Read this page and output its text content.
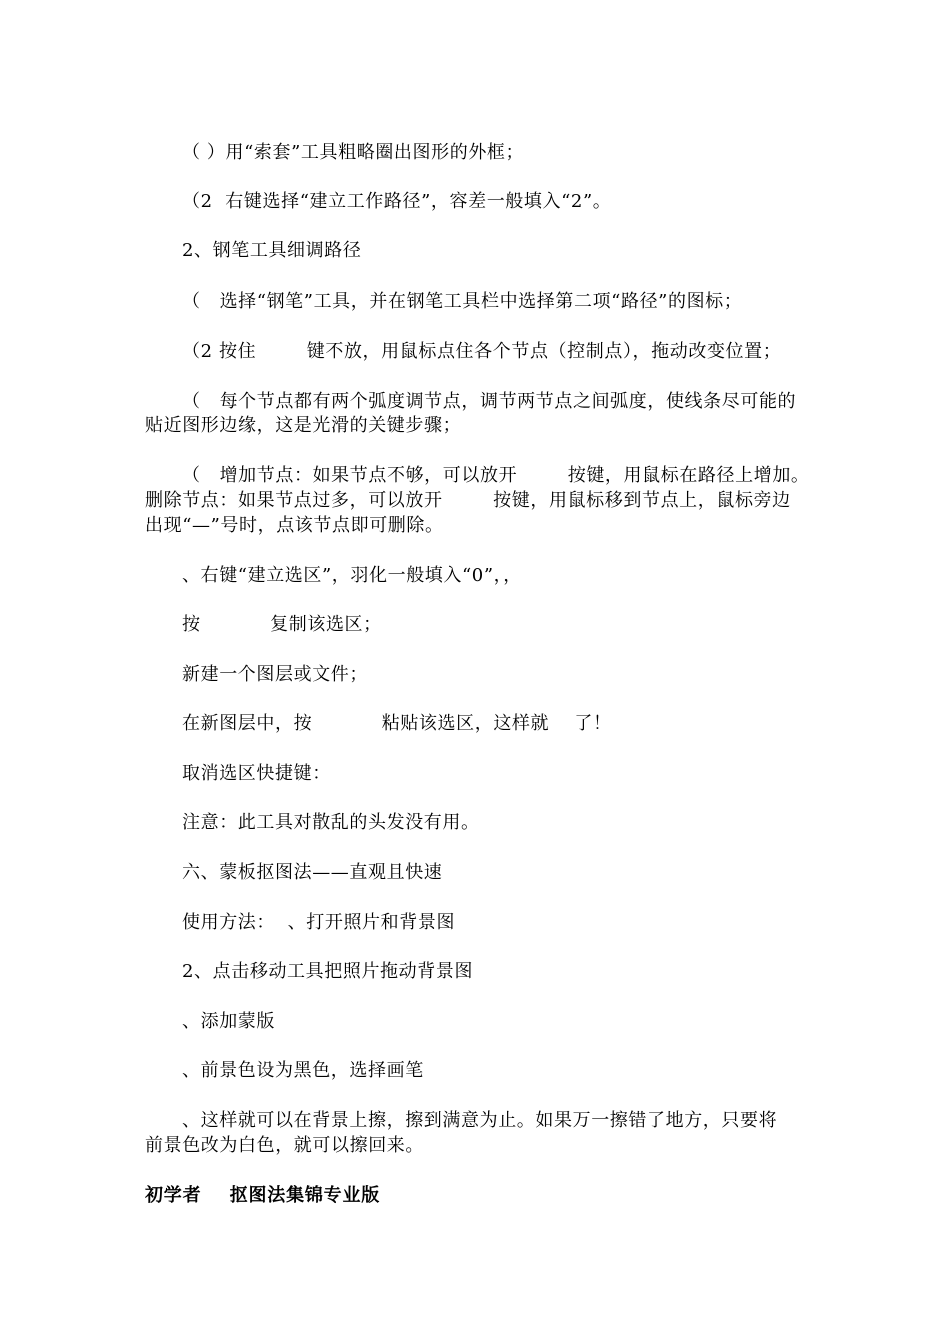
（ ）用“索套”工具粗略圈出图形的外框；
（2  右键选择“建立工作路径”，容差一般填入“2”。
2、钢笔工具细调路径
（   选择“钢笔”工具，并在钢笔工具栏中选择第二项“路径”的图标；
（2 按住        键不放，用鼠标点住各个节点（控制点），拖动改变位置；
（   每个节点都有两个弧度调节点，调节两节点之间弧度，使线条尽可能的
贴近图形边缘，这是光滑的关键步骤；
（   增加节点：如果节点不够，可以放开        按键，用鼠标在路径上增加。
删除节点：如果节点过多，可以放开        按键，用鼠标移到节点上，鼠标旁边
出现“—”号时，点该节点即可删除。
、右键“建立选区”，羽化一般填入“0”，，
按           复制该选区；
新建一个图层或文件；
在新图层中，按           粘贴该选区，这样就    了！
取消选区快捷键：
注意：此工具对散乱的头发没有用。
六、蒙板抠图法——直观且快速
使用方法：  、打开照片和背景图
2、点击移动工具把照片拖动背景图
、添加蒙版
、前景色设为黑色，选择画笔
、这样就可以在背景上擦，擦到满意为止。如果万一擦错了地方，只要将
前景色改为白色，就可以擦回来。
初学者    抠图法集锦专业版
